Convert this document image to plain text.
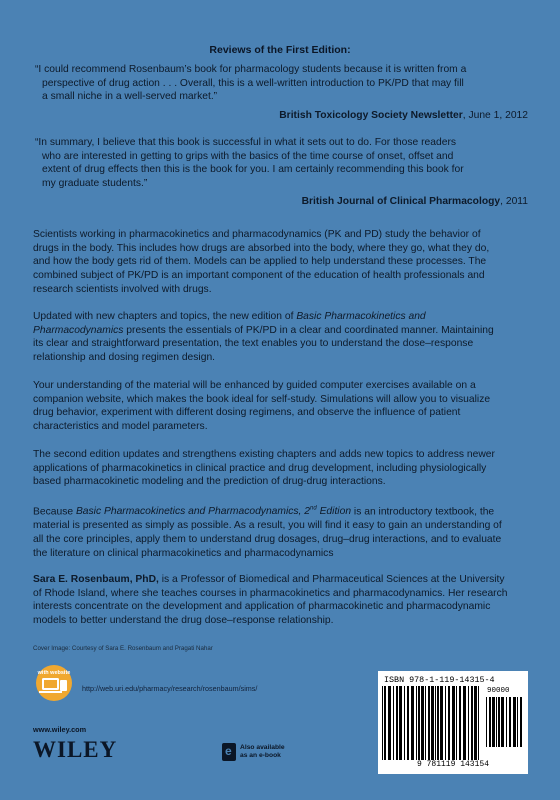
Reviews of the First Edition:
“I could recommend Rosenbaum’s book for pharmacology students because it is written from a
perspective of drug action . . . Overall, this is a well-written introduction to PK/PD that may fill
a small niche in a well-served market.”
British Toxicology Society Newsletter, June 1, 2012
“In summary, I believe that this book is successful in what it sets out to do. For those readers
who are interested in getting to grips with the basics of the time course of onset, offset and
extent of drug effects then this is the book for you. I am certainly recommending this book for
my graduate students.”
British Journal of Clinical Pharmacology, 2011
Scientists working in pharmacokinetics and pharmacodynamics (PK and PD) study the behavior of
drugs in the body. This includes how drugs are absorbed into the body, where they go, what they do,
and how the body gets rid of them. Models can be applied to help understand these processes. The
combined subject of PK/PD is an important component of the education of health professionals and
research scientists involved with drugs.
Updated with new chapters and topics, the new edition of Basic Pharmacokinetics and
Pharmacodynamics presents the essentials of PK/PD in a clear and coordinated manner. Maintaining
its clear and straightforward presentation, the text enables you to understand the dose–response
relationship and dosing regimen design.
Your understanding of the material will be enhanced by guided computer exercises available on a
companion website, which makes the book ideal for self-study. Simulations will allow you to visualize
drug behavior, experiment with different dosing regimens, and observe the influence of patient
characteristics and model parameters.
The second edition updates and strengthens existing chapters and adds new topics to address newer
applications of pharmacokinetics in clinical practice and drug development, including physiologically
based pharmacokinetic modeling and the prediction of drug-drug interactions.
Because Basic Pharmacokinetics and Pharmacodynamics, 2nd Edition is an introductory textbook, the
material is presented as simply as possible. As a result, you will find it easy to gain an understanding of
all the core principles, apply them to understand drug dosages, drug–drug interactions, and to evaluate
the literature on clinical pharmacokinetics and pharmacodynamics
Sara E. Rosenbaum, PhD, is a Professor of Biomedical and Pharmaceutical Sciences at the University
of Rhode Island, where she teaches courses in pharmacokinetics and pharmacodynamics. Her research
interests concentrate on the development and application of pharmacokinetic and pharmacodynamic
models to better understand the drug dose–response relationship.
Cover Image: Courtesy of Sara E. Rosenbaum and Pragati Nahar
with website
http://web.uri.edu/pharmacy/research/rosenbaum/sims/
www.wiley.com
WILEY
e	Also available
as an e-book
ISBN 978-1-119-14315-4
90000
9 781119 143154
